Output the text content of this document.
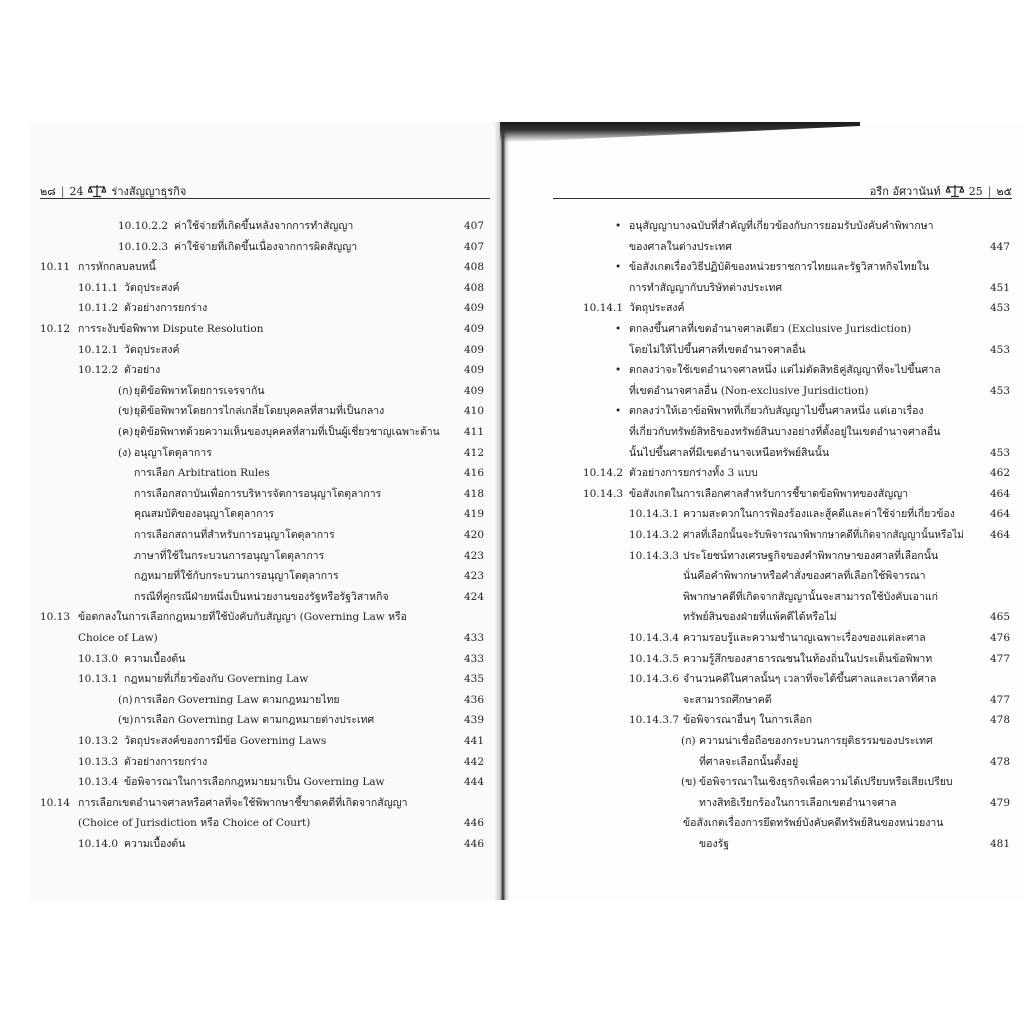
๒๘ | 24	ร่างสัญญาธุรกิจ
10.10.2.2 ค่าใช้จ่ายที่เกิดขึ้นหลังจากการทำสัญญา	407
10.10.2.3 ค่าใช้จ่ายที่เกิดขึ้นเนื่องจากการผิดสัญญา	407
10.11 การหักกลบลบหนี้	408
10.11.1 วัตถุประสงค์	408
10.11.2 ตัวอย่างการยกร่าง	409
10.12 การระงับข้อพิพาท Dispute Resolution	409
10.12.1 วัตถุประสงค์	409
10.12.2 ตัวอย่าง	409
(ก) ยุติข้อพิพาทโดยการเจรจากัน	409
(ข) ยุติข้อพิพาทโดยการไกล่เกลี่ยโดยบุคคลที่สามที่เป็นกลาง	410
(ค) ยุติข้อพิพาทด้วยความเห็นของบุคคลที่สามที่เป็นผู้เชี่ยวชาญเฉพาะด้าน	411
(ง) อนุญาโตตุลาการ	412
การเลือก Arbitration Rules	416
การเลือกสถาบันเพื่อการบริหารจัดการอนุญาโตตุลาการ	418
คุณสมบัติของอนุญาโตตุลาการ	419
การเลือกสถานที่สำหรับการอนุญาโตตุลาการ	420
ภาษาที่ใช้ในกระบวนการอนุญาโตตุลาการ	423
กฎหมายที่ใช้กับกระบวนการอนุญาโตตุลาการ	423
กรณีที่คู่กรณีฝ่ายหนึ่งเป็นหน่วยงานของรัฐหรือรัฐวิสาหกิจ	424
10.13 ข้อตกลงในการเลือกกฎหมายที่ใช้บังคับกับสัญญา (Governing Law หรือ
Choice of Law)	433
10.13.0 ความเบื้องต้น	433
10.13.1 กฎหมายที่เกี่ยวข้องกับ Governing Law	435
(ก) การเลือก Governing Law ตามกฎหมายไทย	436
(ข) การเลือก Governing Law ตามกฎหมายต่างประเทศ	439
10.13.2 วัตถุประสงค์ของการมีข้อ Governing Laws	441
10.13.3 ตัวอย่างการยกร่าง	442
10.13.4 ข้อพิจารณาในการเลือกกฎหมายมาเป็น Governing Law	444
10.14 การเลือกเขตอำนาจศาลหรือศาลที่จะใช้พิพากษาชี้ขาดคดีที่เกิดจากสัญญา
(Choice of Jurisdiction หรือ Choice of Court)	446
10.14.0 ความเบื้องต้น	446
อรีก อัศวานันท์	25 | ๒๕
• อนุสัญญาบางฉบับที่สำคัญที่เกี่ยวข้องกับการยอมรับบังคับคำพิพากษา
ของศาลในต่างประเทศ	447
• ข้อสังเกตเรื่องวิธีปฏิบัติของหน่วยราชการไทยและรัฐวิสาหกิจไทยใน
การทำสัญญากับบริษัทต่างประเทศ	451
10.14.1 วัตถุประสงค์	453
• ตกลงขึ้นศาลที่เขตอำนาจศาลเดียว (Exclusive Jurisdiction)
โดยไม่ให้ไปขึ้นศาลที่เขตอำนาจศาลอื่น	453
• ตกลงว่าจะใช้เขตอำนาจศาลหนึ่ง แต่ไม่ตัดสิทธิคู่สัญญาที่จะไปขึ้นศาล
ที่เขตอำนาจศาลอื่น (Non-exclusive Jurisdiction)	453
• ตกลงว่าให้เอาข้อพิพาทที่เกี่ยวกับสัญญาไปขึ้นศาลหนึ่ง แต่เอาเรื่อง
ที่เกี่ยวกับทรัพย์สิทธิของทรัพย์สินบางอย่างที่ตั้งอยู่ในเขตอำนาจศาลอื่น
นั้นไปขึ้นศาลที่มีเขตอำนาจเหนือทรัพย์สินนั้น	453
10.14.2 ตัวอย่างการยกร่างทั้ง 3 แบบ	462
10.14.3 ข้อสังเกตในการเลือกศาลสำหรับการชี้ขาดข้อพิพาทของสัญญา	464
10.14.3.1 ความสะดวกในการฟ้องร้องและสู้คดีและค่าใช้จ่ายที่เกี่ยวข้อง	464
10.14.3.2 ศาลที่เลือกนั้นจะรับพิจารณาพิพากษาคดีที่เกิดจากสัญญานั้นหรือไม่	464
10.14.3.3 ประโยชน์ทางเศรษฐกิจของคำพิพากษาของศาลที่เลือกนั้น
นั่นคือคำพิพากษาหรือคำสั่งของศาลที่เลือกใช้พิจารณา
พิพากษาคดีที่เกิดจากสัญญานั้นจะสามารถใช้บังคับเอาแก่
ทรัพย์สินของฝ่ายที่แพ้คดีได้หรือไม่	465
10.14.3.4 ความรอบรู้และความชำนาญเฉพาะเรื่องของแต่ละศาล	476
10.14.3.5 ความรู้สึกของสาธารณชนในท้องถิ่นในประเด็นข้อพิพาท	477
10.14.3.6 จำนวนคดีในศาลนั้นๆ เวลาที่จะได้ขึ้นศาลและเวลาที่ศาล
จะสามารถศึกษาคดี	477
10.14.3.7 ข้อพิจารณาอื่นๆ ในการเลือก	478
(ก) ความน่าเชื่อถือของกระบวนการยุติธรรมของประเทศ
ที่ศาลจะเลือกนั้นตั้งอยู่	478
(ข) ข้อพิจารณาในเชิงธุรกิจเพื่อความได้เปรียบหรือเสียเปรียบ
ทางสิทธิเรียกร้องในการเลือกเขตอำนาจศาล	479
ข้อสังเกตเรื่องการยึดทรัพย์บังคับคดีทรัพย์สินของหน่วยงาน
ของรัฐ	481
